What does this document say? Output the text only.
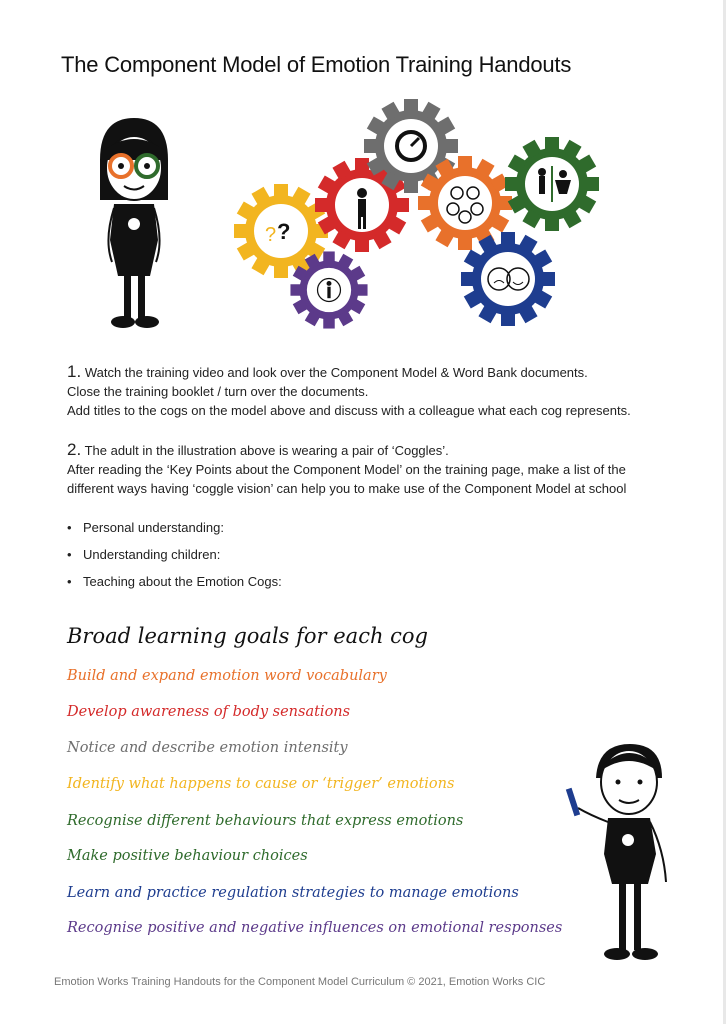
The Component Model of Emotion Training Handouts
?
?
1. Watch the training video and look over the Component Model & Word Bank documents.
Close the training booklet / turn over the documents.
Add titles to the cogs on the model above and discuss with a colleague what each cog represents.
2. The adult in the illustration above is wearing a pair of ‘Coggles’.
After reading the ‘Key Points about the Component Model’ on the training page, make a list of the
different ways having ‘coggle vision’ can help you to make use of the Component Model at school
• Personal understanding:
• Understanding children:
• Teaching about the Emotion Cogs:
Broad learning goals for each cog
Build and expand emotion word vocabulary
Develop awareness of body sensations
Notice and describe emotion intensity
Identify what happens to cause or ‘trigger’ emotions
Recognise different behaviours that express emotions
Make positive behaviour choices
Learn and practice regulation strategies to manage emotions
Recognise positive and negative influences on emotional responses
Emotion Works Training Handouts for the Component Model Curriculum © 2021, Emotion Works CIC
